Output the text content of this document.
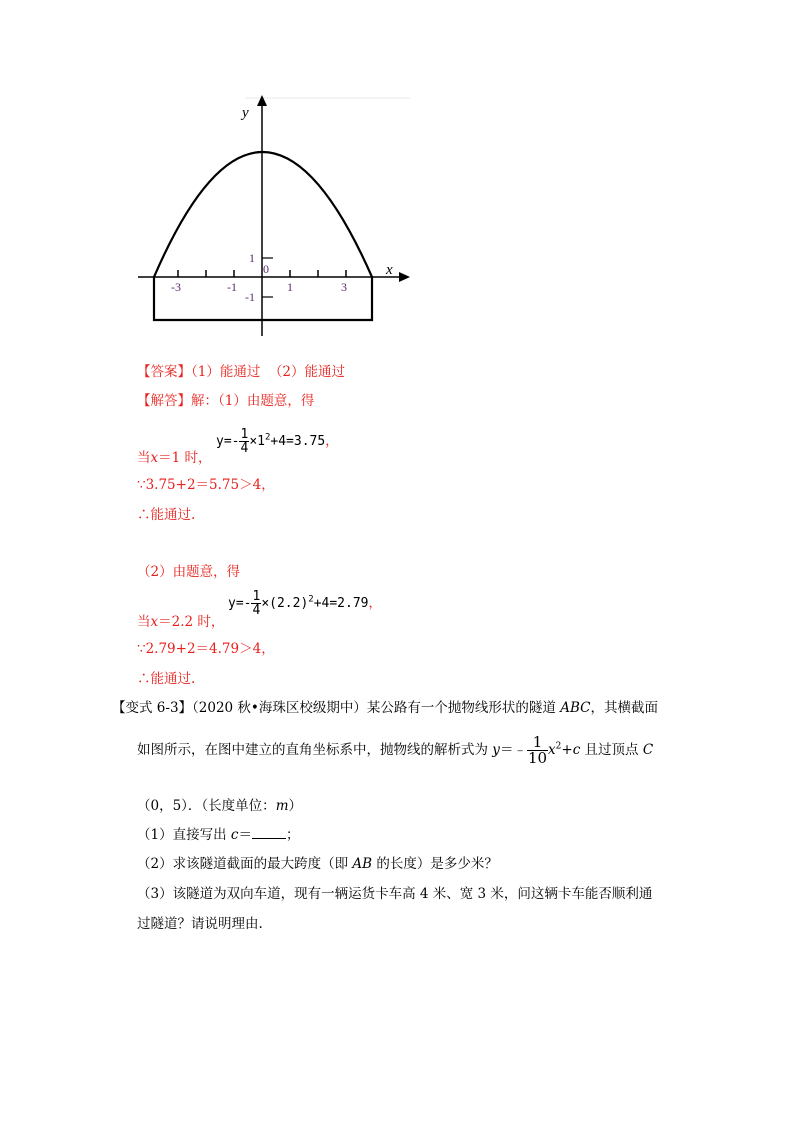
y
x
-3	-1
0
1	3
1
-1
【答案】（1）能通过  （2）能通过
【解答】解：（1）由题意，得
当x＝1 时，
$y=- \frac{1}{4} \times 1^2+4=3.75$，
∵3.75+2＝5.75＞4，
∴能通过.
（2）由题意，得
当x＝2.2 时，
$y=- \frac{1}{4} \times(2.2)^2+4=2.79$，
∵2.79+2＝4.79＞4，
∴能通过.
【变式 6-3】（2020 秋•海珠区校级期中）某公路有一个抛物线形状的隧道 ABC，其横截面
如图所示，在图中建立的直角坐标系中，抛物线的解析式为 y＝﹣ $\frac{1}{10} x^2+c$ 且过顶点 C
（0，5）．（长度单位：m）
（1）直接写出 c＝	；
（2）求该隧道截面的最大跨度（即 AB 的长度）是多少米？
（3）该隧道为双向车道，现有一辆运货卡车高 4 米、宽 3 米，问这辆卡车能否顺利通
过隧道？请说明理由.
